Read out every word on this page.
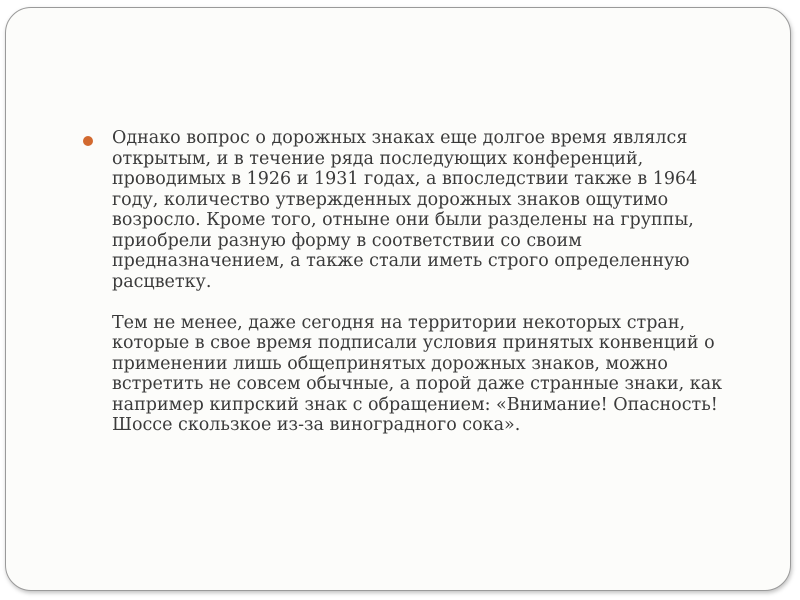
Однако вопрос о дорожных знаках еще долгое время являлся открытым, и в течение ряда последующих конференций, проводимых в 1926 и 1931 годах, а впоследствии также в 1964 году, количество утвержденных дорожных знаков ощутимо возросло. Кроме того, отныне они были разделены на группы, приобрели разную форму в соответствии со своим предназначением, а также стали иметь строго определенную расцветку.

Тем не менее, даже сегодня на территории некоторых стран, которые в свое время подписали условия принятых конвенций о применении лишь общепринятых дорожных знаков, можно встретить не совсем обычные, а порой даже странные знаки, как например кипрский знак с обращением: «Внимание! Опасность! Шоссе скользкое из-за виноградного сока».
